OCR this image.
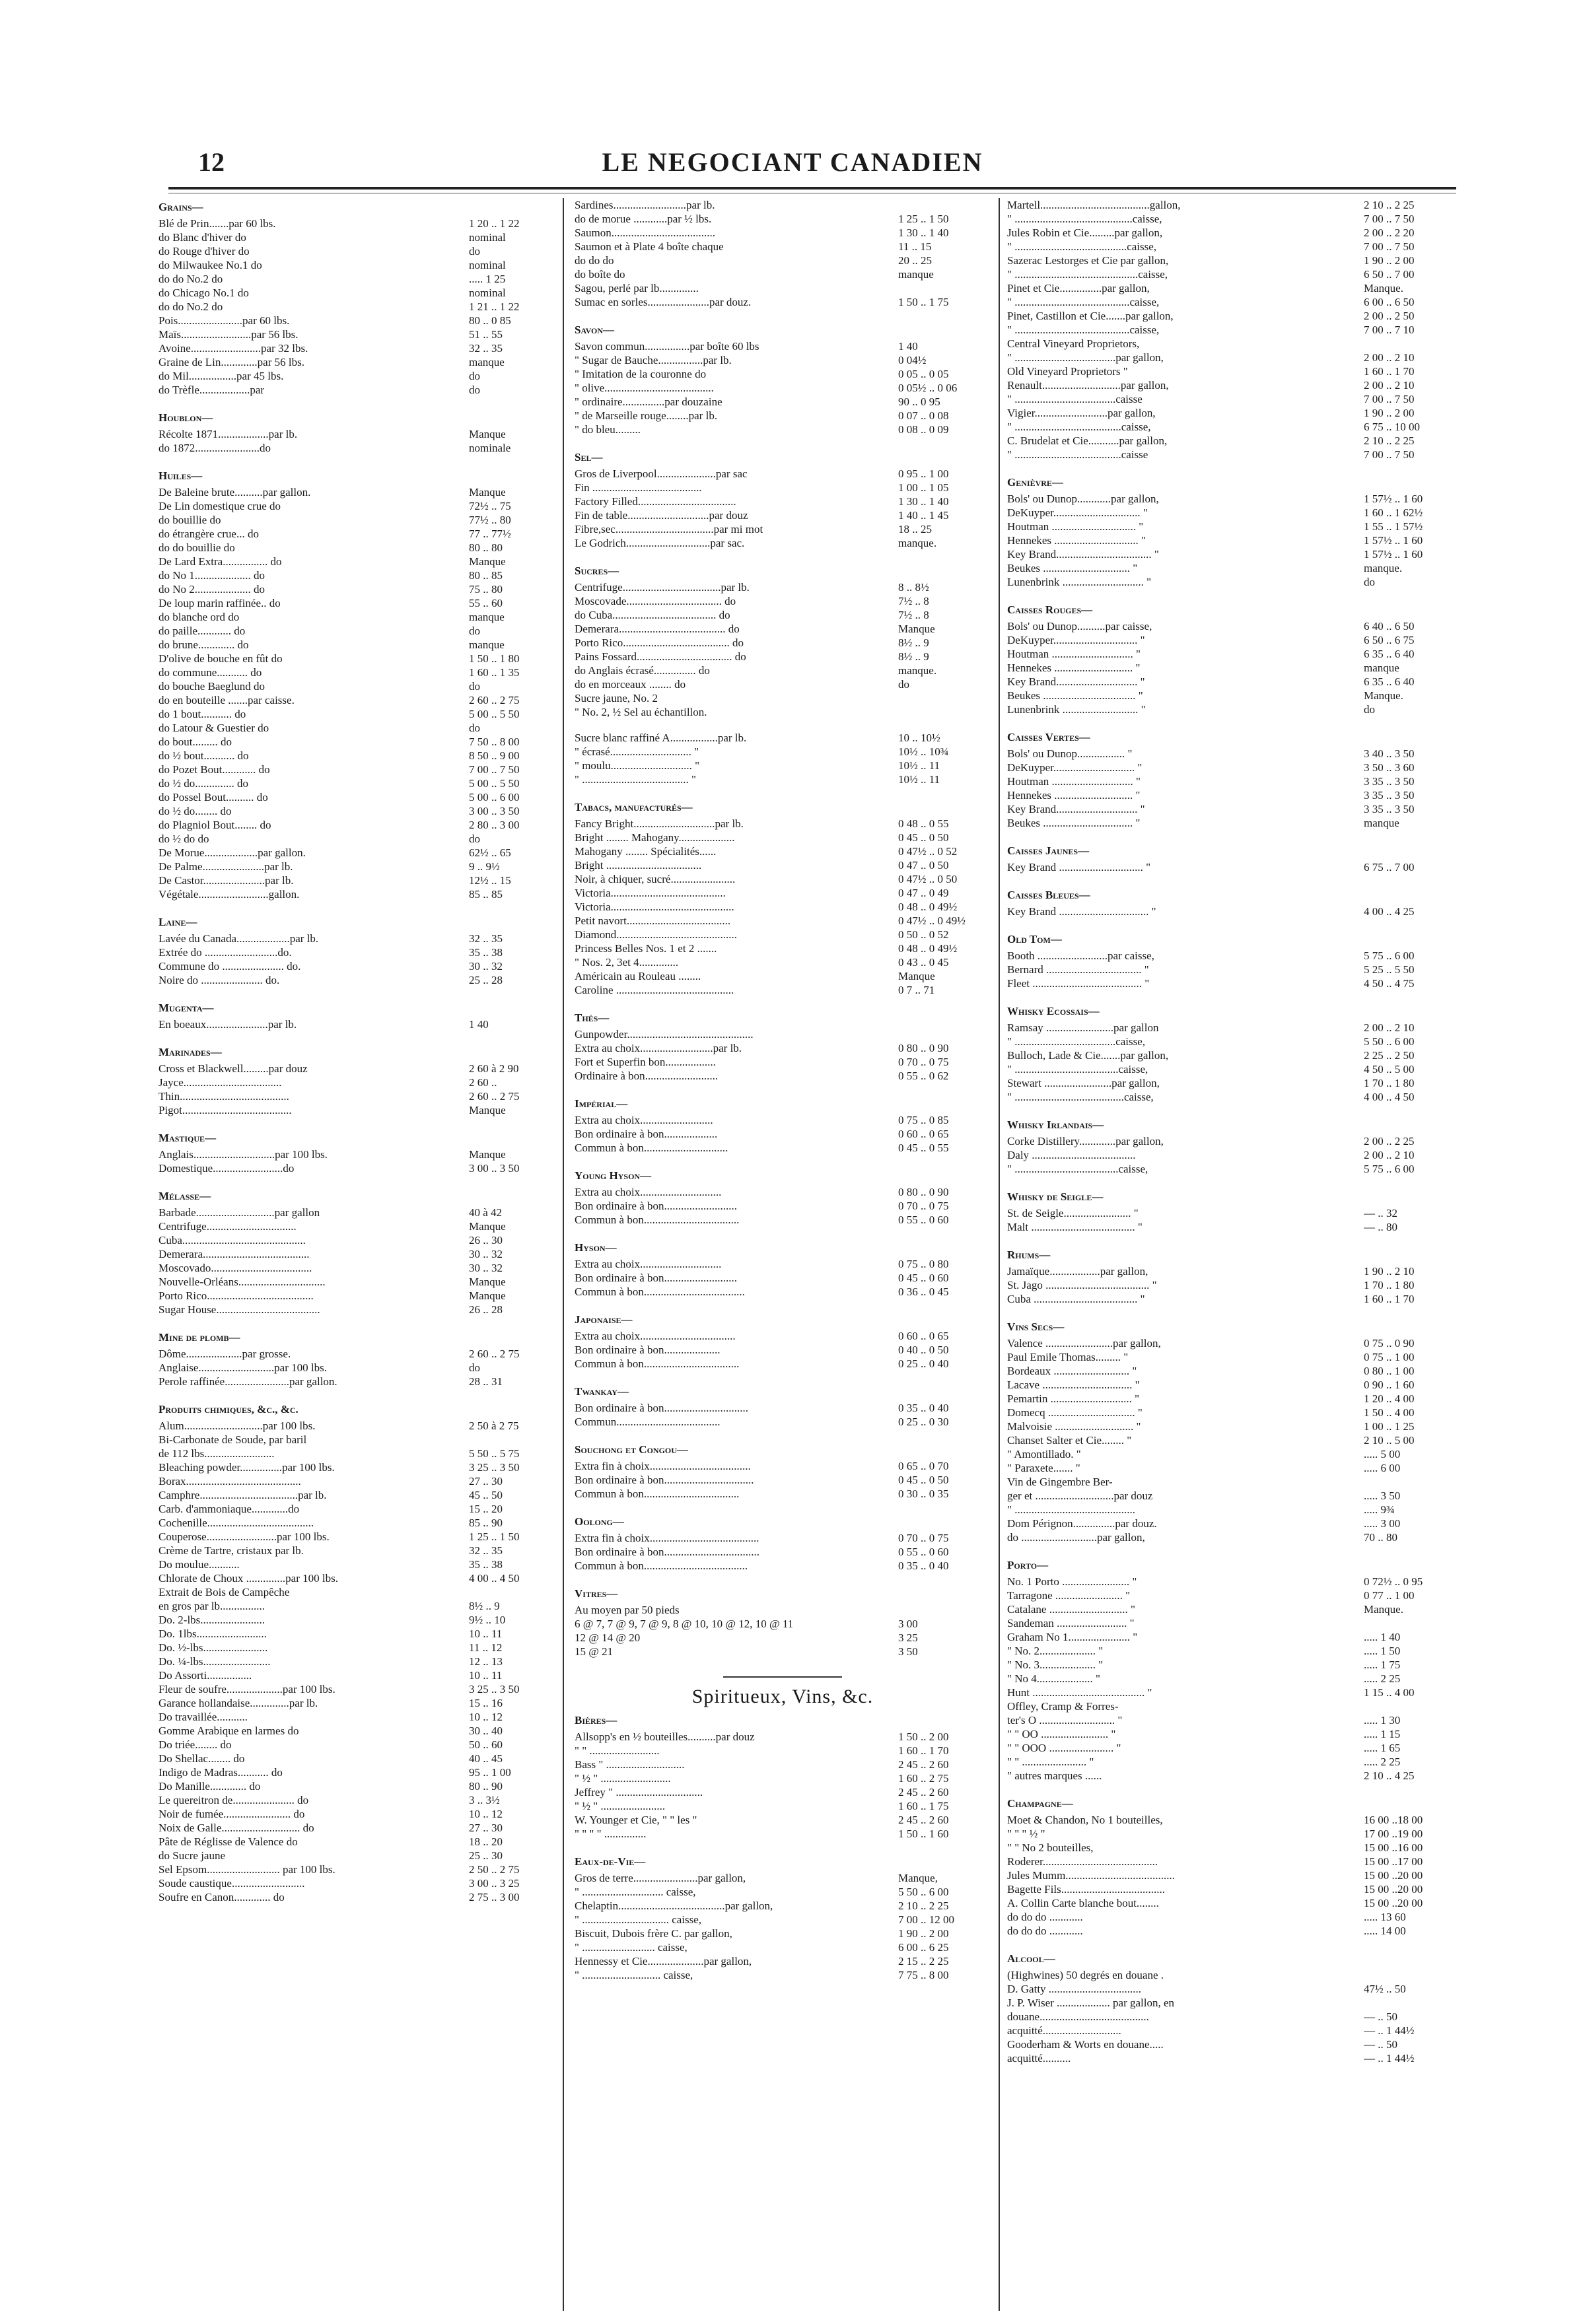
12	LE NEGOCIANT CANADIEN
Grains—
Blé de Prin.......par 60 lbs.	1 20 .. 1 22
do Blanc d'hiver do	nominal
do Rouge d'hiver do	do
do Milwaukee No.1 do	nominal
do do No.2 do	..... 1 25
do Chicago No.1 do	nominal
do do No.2 do	1 21 .. 1 22
Pois.......................par 60 lbs.	80 .. 0 85
Maïs.........................par 56 lbs.	51 .. 55
Avoine.........................par 32 lbs.	32 .. 35
Graine de Lin.............par 56 lbs.	manque
do Mil.................par 45 lbs.	do
do Trèfle..................par	do
Houblon—
Récolte 1871..................par lb.	Manque
do 1872.......................do	nominale
Huiles—
De Baleine brute..........par gallon.	Manque
De Lin domestique crue do	72½ .. 75
do bouillie do	77½ .. 80
do étrangère crue... do	77 .. 77½
do do bouillie do	80 .. 80
De Lard Extra................ do	Manque
do No 1.................... do	80 .. 85
do No 2.................... do	75 .. 80
De loup marin raffinée.. do	55 .. 60
do blanche ord do	manque
do paille............ do	do
do brune............. do	manque
D'olive de bouche en fût do	1 50 .. 1 80
do commune........... do	1 60 .. 1 35
do bouche Baeglund do	do
do en bouteille .......par caisse.	2 60 .. 2 75
do 1 bout........... do	5 00 .. 5 50
do Latour & Guestier do	do
do bout......... do	7 50 .. 8 00
do ½ bout........... do	8 50 .. 9 00
do Pozet Bout............ do	7 00 .. 7 50
do ½ do.............. do	5 00 .. 5 50
do Possel Bout.......... do	5 00 .. 6 00
do ½ do........ do	3 00 .. 3 50
do Plagniol Bout........ do	2 80 .. 3 00
do ½ do do	do
De Morue...................par gallon.	62½ .. 65
De Palme......................par lb.	9 .. 9½
De Castor......................par lb.	12½ .. 15
Végétale.........................gallon.	85 .. 85
Laine—
Lavée du Canada...................par lb.	32 .. 35
Extrée do ..........................do.	35 .. 38
Commune do ...................... do.	30 .. 32
Noire do ...................... do.	25 .. 28
Mugenta—
En boeaux......................par lb.	1 40
Marinades—
Cross et Blackwell.........par douz	2 60 à 2 90
Jayce...................................	2 60 ..
Thin.......................................	2 60 .. 2 75
Pigot.......................................	Manque
Mastique—
Anglais.............................par 100 lbs.	Manque
Domestique.........................do	3 00 .. 3 50
Mélasse—
Barbade............................par gallon	40 à 42
Centrifuge................................	Manque
Cuba............................................	26 .. 30
Demerara......................................	30 .. 32
Moscovado....................................	30 .. 32
Nouvelle-Orléans...............................	Manque
Porto Rico......................................	Manque
Sugar House.....................................	26 .. 28
Mine de plomb—
Dôme....................par grosse.	2 60 .. 2 75
Anglaise...........................par 100 lbs.	do
Perole raffinée.......................par gallon.	28 .. 31
Produits chimiques, &c., &c.
Alum............................par 100 lbs.	2 50 à 2 75
Bi-Carbonate de Soude, par baril
de 112 lbs.........................	5 50 .. 5 75
Bleaching powder...............par 100 lbs.	3 25 .. 3 50
Borax.........................................	27 .. 30
Camphre...................................par lb.	45 .. 50
Carb. d'ammoniaque.............do	15 .. 20
Cochenille......................................	85 .. 90
Couperose.........................par 100 lbs.	1 25 .. 1 50
Crème de Tartre, cristaux par lb.	32 .. 35
Do moulue...........	35 .. 38
Chlorate de Choux ..............par 100 lbs.	4 00 .. 4 50
Extrait de Bois de Campêche
en gros par lb................	8½ .. 9
Do. 2-lbs.......................	9½ .. 10
Do. 1lbs.........................	10 .. 11
Do. ½-lbs.......................	11 .. 12
Do. ¼-lbs........................	12 .. 13
Do Assorti................	10 .. 11
Fleur de soufre....................par 100 lbs.	3 25 .. 3 50
Garance hollandaise..............par lb.	15 .. 16
Do travaillée...........	10 .. 12
Gomme Arabique en larmes do	30 .. 40
Do triée........ do	50 .. 60
Do Shellac........ do	40 .. 45
Indigo de Madras........... do	95 .. 1 00
Do Manille............. do	80 .. 90
Le quereitron de...................... do	3 .. 3½
Noir de fumée........................ do	10 .. 12
Noix de Galle............................ do	27 .. 30
Pâte de Réglisse de Valence do	18 .. 20
do Sucre jaune	25 .. 30
Sel Epsom.......................... par 100 lbs.	2 50 .. 2 75
Soude caustique..........................	3 00 .. 3 25
Soufre en Canon............. do	2 75 .. 3 00
Sardines..........................par lb.
do de morue ............par ½ lbs.	1 25 .. 1 50
Saumon.....................................	1 30 .. 1 40
Saumon et à Plate 4 boîte chaque	11 .. 15
do do do	20 .. 25
do boîte do	manque
Sagou, perlé par lb..............
Sumac en sorles......................par douz.	1 50 .. 1 75
Savon—
Savon commun................par boîte 60 lbs	1 40
" Sugar de Bauche................par lb.	0 04½
" Imitation de la couronne do	0 05 .. 0 05
" olive.......................................	0 05½ .. 0 06
" ordinaire...............par douzaine	90 .. 0 95
" de Marseille rouge........par lb.	0 07 .. 0 08
" do bleu.........	0 08 .. 0 09
Sel—
Gros de Liverpool.....................par sac	0 95 .. 1 00
Fin .......................................	1 00 .. 1 05
Factory Filled...................................	1 30 .. 1 40
Fin de table.............................par douz	1 40 .. 1 45
Fibre,sec...................................par mi mot	18 .. 25
Le Godrich..............................par sac.	manque.
Sucres—
Centrifuge...................................par lb.	8 .. 8½
Moscovade.................................. do	7½ .. 8
do Cuba..................................... do	7½ .. 8
Demerara...................................... do	Manque
Porto Rico...................................... do	8½ .. 9
Pains Fossard.................................. do	8½ .. 9
do Anglais écrasé............... do	manque.
do en morceaux ........ do	do
Sucre jaune, No. 2
" No. 2, ½ Sel au échantillon.
Sucre blanc raffiné A.................par lb.	10 .. 10½
" écrasé............................. "	10½ .. 10¾
" moulu............................. "	10½ .. 11
" ...................................... "	10½ .. 11
Tabacs, manufacturés—
Fancy Bright.............................par lb.	0 48 .. 0 55
Bright ........ Mahogany....................	0 45 .. 0 50
Mahogany ........ Spécialités......	0 47½ .. 0 52
Bright ..................................	0 47 .. 0 50
Noir, à chiquer, sucré.......................	0 47½ .. 0 50
Victoria.........................................	0 47 .. 0 49
Victoria............................................	0 48 .. 0 49½
Petit navort.....................................	0 47½ .. 0 49½
Diamond...........................................	0 50 .. 0 52
Princess Belles Nos. 1 et 2 .......	0 48 .. 0 49½
" Nos. 2, 3et 4..............	0 43 .. 0 45
Américain au Rouleau ........	Manque
Caroline ..........................................	0 7 .. 71
Thés—
Gunpowder.............................................
Extra au choix..........................par lb.	0 80 .. 0 90
Fort et Superfin bon..................	0 70 .. 0 75
Ordinaire à bon..........................	0 55 .. 0 62
Impérial—
Extra au choix..........................	0 75 .. 0 85
Bon ordinaire à bon...................	0 60 .. 0 65
Commun à bon..............................	0 45 .. 0 55
Young Hyson—
Extra au choix.............................	0 80 .. 0 90
Bon ordinaire à bon..........................	0 70 .. 0 75
Commun à bon..................................	0 55 .. 0 60
Hyson—
Extra au choix.............................	0 75 .. 0 80
Bon ordinaire à bon..........................	0 45 .. 0 60
Commun à bon....................................	0 36 .. 0 45
Japonaise—
Extra au choix..................................	0 60 .. 0 65
Bon ordinaire à bon....................	0 40 .. 0 50
Commun à bon..................................	0 25 .. 0 40
Twankay—
Bon ordinaire à bon..............................	0 35 .. 0 40
Commun.....................................	0 25 .. 0 30
Souchong et Congou—
Extra fin à choix....................................	0 65 .. 0 70
Bon ordinaire à bon................................	0 45 .. 0 50
Commun à bon..................................	0 30 .. 0 35
Oolong—
Extra fin à choix.......................................	0 70 .. 0 75
Bon ordinaire à bon..................................	0 55 .. 0 60
Commun à bon.....................................	0 35 .. 0 40
Vitres—
Au moyen par 50 pieds
6 @ 7, 7 @ 9, 7 @ 9, 8 @ 10, 10 @ 12, 10 @ 11	3 00
12 @ 14 @ 20	3 25
15 @ 21	3 50
Spiritueux, Vins, &c.
Bières—
Allsopp's en ½ bouteilles..........par douz	1 50 .. 2 00
" " .........................	1 60 .. 1 70
Bass " ............................	2 45 .. 2 60
" ½ " .........................	1 60 .. 2 75
Jeffrey " ...............................	2 45 .. 2 60
" ½ " .......................	1 60 .. 1 75
W. Younger et Cie, " " les "	2 45 .. 2 60
" " " " ...............	1 50 .. 1 60
Eaux-de-Vie—
Gros de terre.......................par gallon,	Manque,
" ............................. caisse,	5 50 .. 6 00
Chelaptin......................................par gallon,	2 10 .. 2 25
" ............................... caisse,	7 00 .. 12 00
Biscuit, Dubois frère C. par gallon,	1 90 .. 2 00
" .......................... caisse,	6 00 .. 6 25
Hennessy et Cie....................par gallon,	2 15 .. 2 25
" ............................ caisse,	7 75 .. 8 00
Martell.......................................gallon,	2 10 .. 2 25
" ..........................................caisse,	7 00 .. 7 50
Jules Robin et Cie.........par gallon,	2 00 .. 2 20
" ........................................caisse,	7 00 .. 7 50
Sazerac Lestorges et Cie par gallon,	1 90 .. 2 00
" ............................................caisse,	6 50 .. 7 00
Pinet et Cie...............par gallon,	Manque.
" .........................................caisse,	6 00 .. 6 50
Pinet, Castillon et Cie.......par gallon,	2 00 .. 2 50
" .........................................caisse,	7 00 .. 7 10
Central Vineyard Proprietors,
" ....................................par gallon,	2 00 .. 2 10
Old Vineyard Proprietors "	1 60 .. 1 70
Renault............................par gallon,	2 00 .. 2 10
" ....................................caisse	7 00 .. 7 50
Vigier..........................par gallon,	1 90 .. 2 00
" ......................................caisse,	6 75 .. 10 00
C. Brudelat et Cie...........par gallon,	2 10 .. 2 25
" ......................................caisse	7 00 .. 7 50
Genièvre—
Bols' ou Dunop............par gallon,	1 57½ .. 1 60
DeKuyper............................... "	1 60 .. 1 62½
Houtman .............................. "	1 55 .. 1 57½
Hennekes .............................. "	1 57½ .. 1 60
Key Brand.................................. "	1 57½ .. 1 60
Beukes ............................... "	manque.
Lunenbrink ............................. "	do
Caisses Rouges—
Bols' ou Dunop..........par caisse,	6 40 .. 6 50
DeKuyper.............................. "	6 50 .. 6 75
Houtman ............................. "	6 35 .. 6 40
Hennekes ............................ "	manque
Key Brand............................. "	6 35 .. 6 40
Beukes ................................. "	Manque.
Lunenbrink ........................... "	do
Caisses Vertes—
Bols' ou Dunop................. "	3 40 .. 3 50
DeKuyper............................. "	3 50 .. 3 60
Houtman ............................. "	3 35 .. 3 50
Hennekes ............................ "	3 35 .. 3 50
Key Brand............................. "	3 35 .. 3 50
Beukes ................................ "	manque
Caisses Jaunes—
Key Brand .............................. "	6 75 .. 7 00
Caisses Bleues—
Key Brand ................................ "	4 00 .. 4 25
Old Tom—
Booth .........................par caisse,	5 75 .. 6 00
Bernard .................................. "	5 25 .. 5 50
Fleet ....................................... "	4 50 .. 4 75
Whisky Ecossais—
Ramsay ........................par gallon	2 00 .. 2 10
" ....................................caisse,	5 50 .. 6 00
Bulloch, Lade & Cie.......par gallon,	2 25 .. 2 50
" .....................................caisse,	4 50 .. 5 00
Stewart ........................par gallon,	1 70 .. 1 80
" .......................................caisse,	4 00 .. 4 50
Whisky Irlandais—
Corke Distillery.............par gallon,	2 00 .. 2 25
Daly .....................................	2 00 .. 2 10
" .....................................caisse,	5 75 .. 6 00
Whisky de Seigle—
St. de Seigle........................ "	— .. 32
Malt ..................................... "	— .. 80
Rhums—
Jamaïque..................par gallon,	1 90 .. 2 10
St. Jago ..................................... "	1 70 .. 1 80
Cuba ..................................... "	1 60 .. 1 70
Vins Secs—
Valence ........................par gallon,	0 75 .. 0 90
Paul Emile Thomas......... "	0 75 .. 1 00
Bordeaux ........................... "	0 80 .. 1 00
Lacave ................................ "	0 90 .. 1 60
Pemartin ............................. "	1 20 .. 4 00
Domecq ............................... "	1 50 .. 4 00
Malvoisie ............................ "	1 00 .. 1 25
Chanset Salter et Cie........ "	2 10 .. 5 00
" Amontillado. "	..... 5 00
" Paraxete....... "	..... 6 00
Vin de Gingembre Ber-
ger et ............................par douz	..... 3 50
" ...........................................	..... 9¾
Dom Pérignon...............par douz.	..... 3 00
do ...........................par gallon,	70 .. 80
Porto—
No. 1 Porto ........................ "	0 72½ .. 0 95
Tarragone ........................ "	0 77 .. 1 00
Catalane ............................ "	Manque.
Sandeman ......................... "
Graham No 1...................... "	..... 1 40
" No. 2.................... "	..... 1 50
" No. 3.................... "	..... 1 75
" No 4.................... "	..... 2 25
Hunt ........................................ "	1 15 .. 4 00
Offley, Cramp & Forres-
ter's O ........................... "	..... 1 30
" " OO ........................ "	..... 1 15
" " OOO ....................... "	..... 1 65
" " ....................... "	..... 2 25
" autres marques ......	2 10 .. 4 25
Champagne—
Moet & Chandon, No 1 bouteilles,	16 00 ..18 00
" " " ½ "	17 00 ..19 00
" " No 2 bouteilles,	15 00 ..16 00
Roderer.........................................	15 00 ..17 00
Jules Mumm.......................................	15 00 ..20 00
Bagette Fils.....................................	15 00 ..20 00
A. Collin Carte blanche bout........	15 00 ..20 00
do do do ............	..... 13 60
do do do ............	..... 14 00
Alcool—
(Highwines) 50 degrés en douane .
D. Gatty .................................	47½ .. 50
J. P. Wiser ................... par gallon, en
douane.......................................	— .. 50
acquitté............................	— .. 1 44½
Gooderham & Worts en douane.....	— .. 50
acquitté..........	— .. 1 44½
